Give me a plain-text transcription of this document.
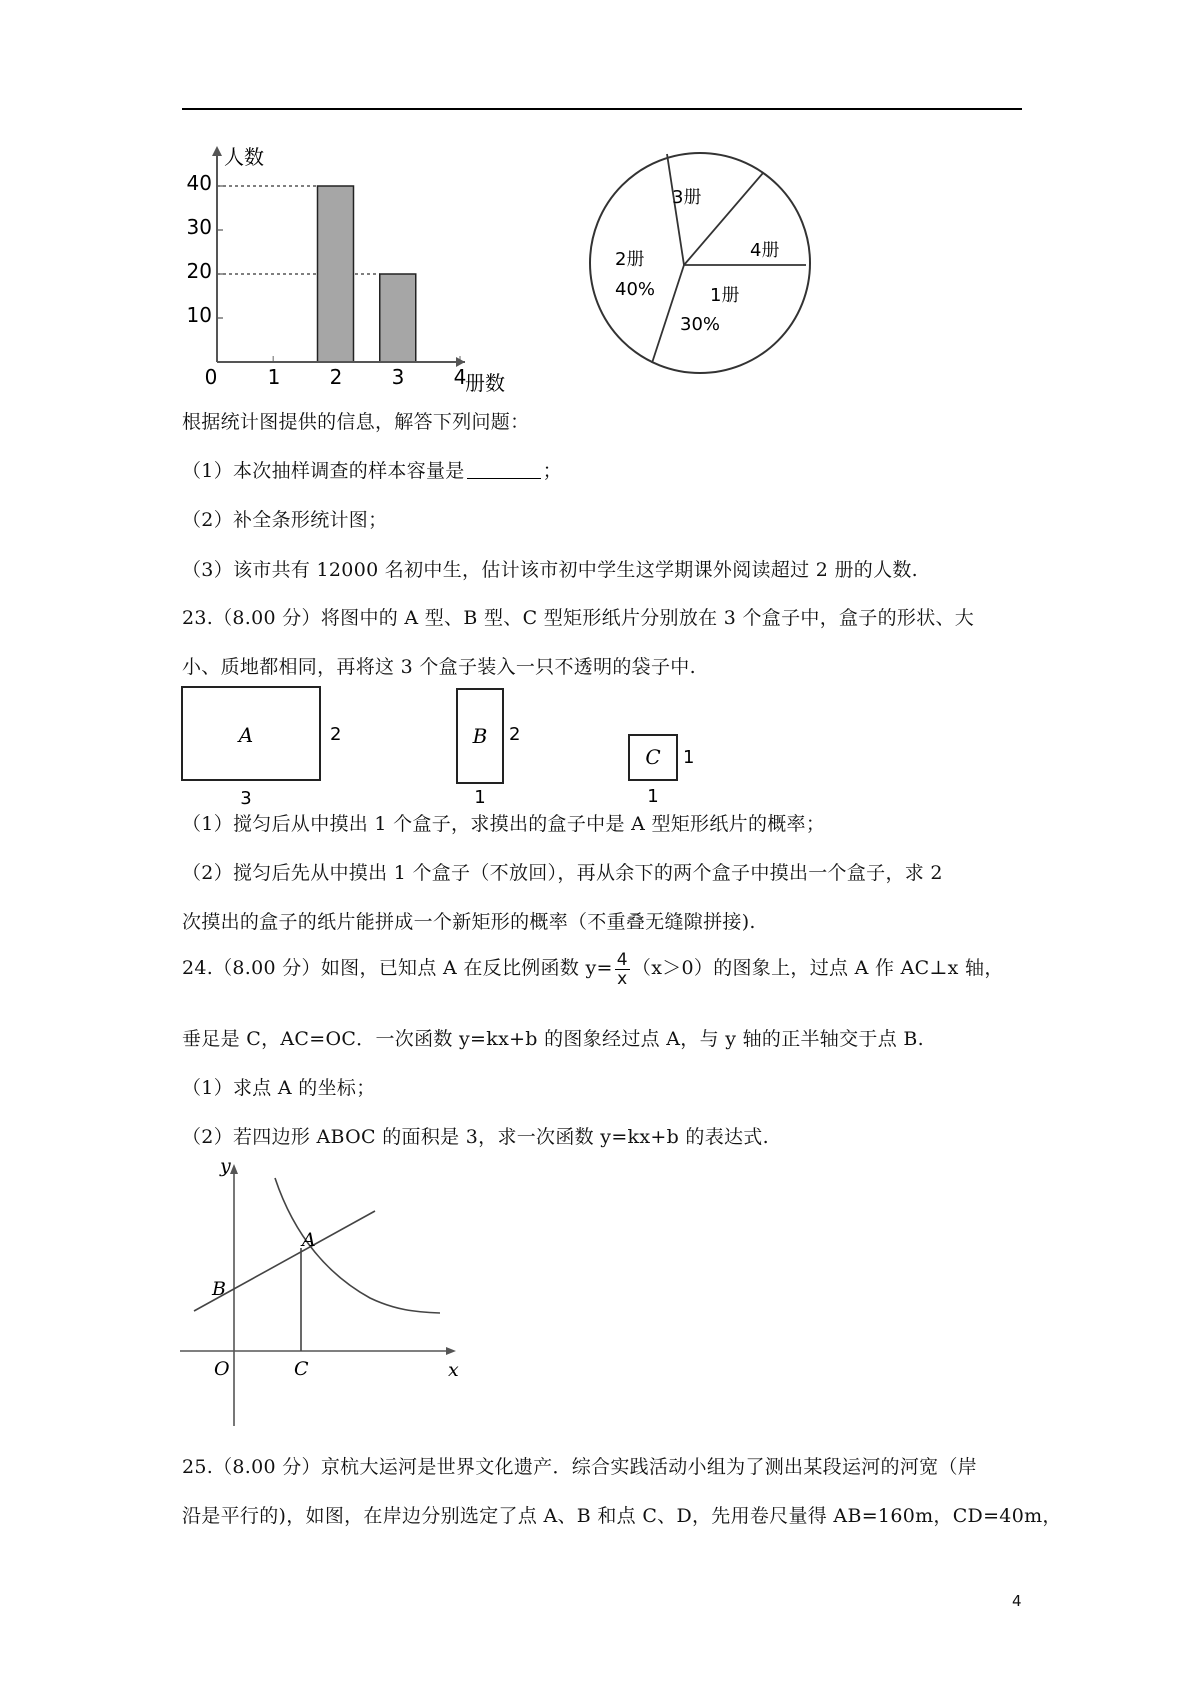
人数
册数
40
30
20
10
0	1 2 3 4
3册
4册
1册
30%
2册
40%
根据统计图提供的信息，解答下列问题：
（1）本次抽样调查的样本容量是	；
（2）补全条形统计图；
（3）该市共有 12000 名初中生，估计该市初中学生这学期课外阅读超过 2 册的人数.
23.（8.00 分）将图中的 A 型、B 型、C 型矩形纸片分别放在 3 个盒子中，盒子的形状、大
小、质地都相同，再将这 3 个盒子装入一只不透明的袋子中.
A	2
3
B 2
1
C 1
1
（1）搅匀后从中摸出 1 个盒子，求摸出的盒子中是 A 型矩形纸片的概率；
（2）搅匀后先从中摸出 1 个盒子（不放回），再从余下的两个盒子中摸出一个盒子，求 2
次摸出的盒子的纸片能拼成一个新矩形的概率（不重叠无缝隙拼接).
24.（8.00 分）如图，已知点 A 在反比例函数 $y= \frac{4}{x} (x>0)$的图象上，过点 A 作 AC⊥x 轴，
垂足是 C，AC=OC．一次函数 y=kx+b 的图象经过点 A，与 y 轴的正半轴交于点 B.
（1）求点 A 的坐标；
（2）若四边形 ABOC 的面积是 3，求一次函数 y=kx+b 的表达式.
y
x
A
B
O	C
25.（8.00 分）京杭大运河是世界文化遗产．综合实践活动小组为了测出某段运河的河宽（岸
沿是平行的)，如图，在岸边分别选定了点 A、B 和点 C、D，先用卷尺量得 AB=160m，CD=40m，
4
